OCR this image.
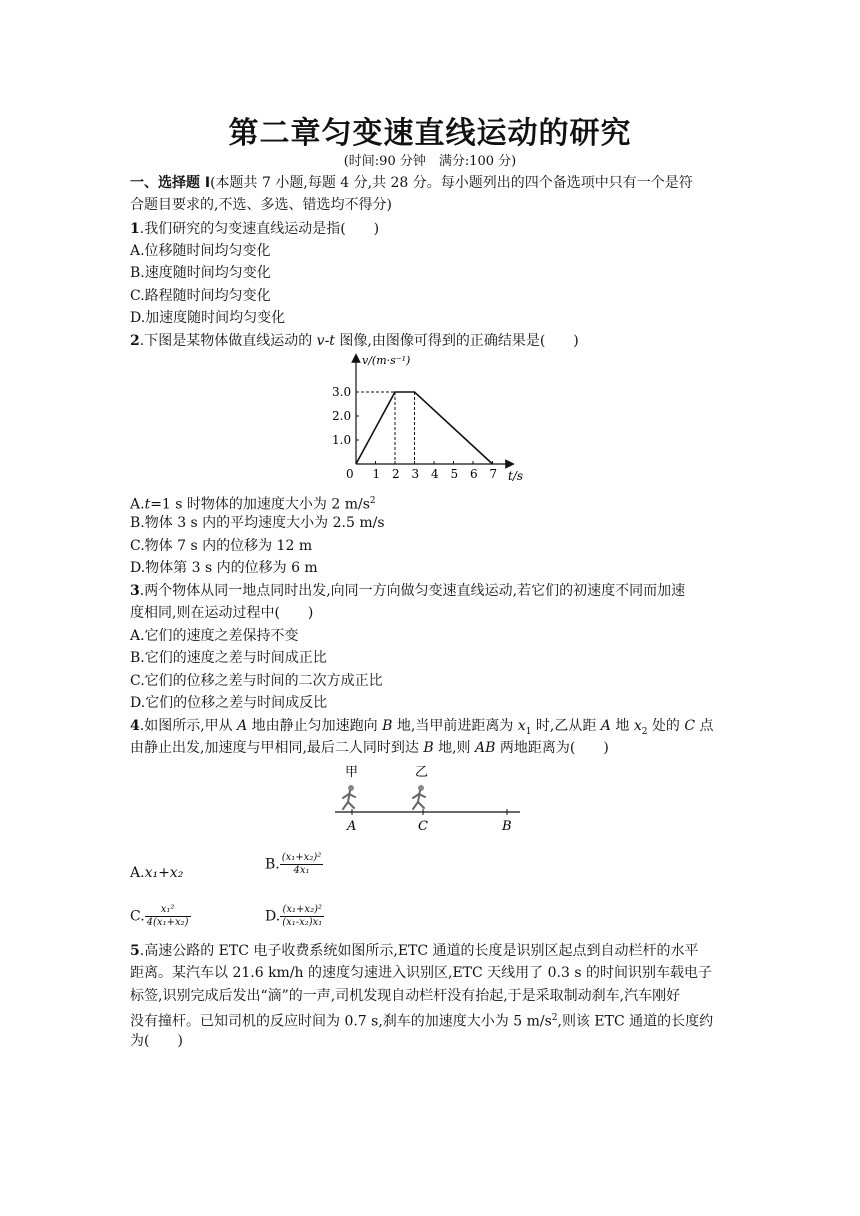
第二章匀变速直线运动的研究
(时间:90 分钟　满分:100 分)
一、选择题 Ⅰ(本题共 7 小题,每题 4 分,共 28 分。每小题列出的四个备选项中只有一个是符
合题目要求的,不选、多选、错选均不得分)
1.我们研究的匀变速直线运动是指(　　)
A.位移随时间均匀变化
B.速度随时间均匀变化
C.路程随时间均匀变化
D.加速度随时间均匀变化
2.下图是某物体做直线运动的 v-t 图像,由图像可得到的正确结果是(　　)
v/(m·s⁻¹)
t/s
0 1 2 3 4 5 6 7
1.0
2.0
3.0
A.t=1 s 时物体的加速度大小为 2 $m/s^2$
B.物体 3 s 内的平均速度大小为 2.5 m/s
C.物体 7 s 内的位移为 12 m
D.物体第 3 s 内的位移为 6 m
3.两个物体从同一地点同时出发,向同一方向做匀变速直线运动,若它们的初速度不同而加速
度相同,则在运动过程中(　　)
A.它们的速度之差保持不变
B.它们的速度之差与时间成正比
C.它们的位移之差与时间的二次方成正比
D.它们的位移之差与时间成反比
4.如图所示,甲从 A 地由静止匀加速跑向 B 地,当甲前进距离为 $x_1$ 时,乙从距 A 地 $x_2$ 处的 C 点
由静止出发,加速度与甲相同,最后二人同时到达 B 地,则 AB 两地距离为(　　)
甲	乙
A	C	B
A.x₁+x₂
B. $\frac{\text{(x₁+x₂)²}}{\text{4x₁}}$
C. $\frac{\text{x₁²}}{\text{4(x₁+x₂)}}$	D. $\frac{\text{(x₁+x₂)²}}{\text{(x₁-x₂)x₁}}$
5.高速公路的 ETC 电子收费系统如图所示,ETC 通道的长度是识别区起点到自动栏杆的水平
距离。某汽车以 21.6 km/h 的速度匀速进入识别区,ETC 天线用了 0.3 s 的时间识别车载电子
标签,识别完成后发出“滴”的一声,司机发现自动栏杆没有抬起,于是采取制动刹车,汽车刚好
没有撞杆。已知司机的反应时间为 0.7 s,刹车的加速度大小为 5 $m/s^2$,则该 ETC 通道的长度约
为(　　)
